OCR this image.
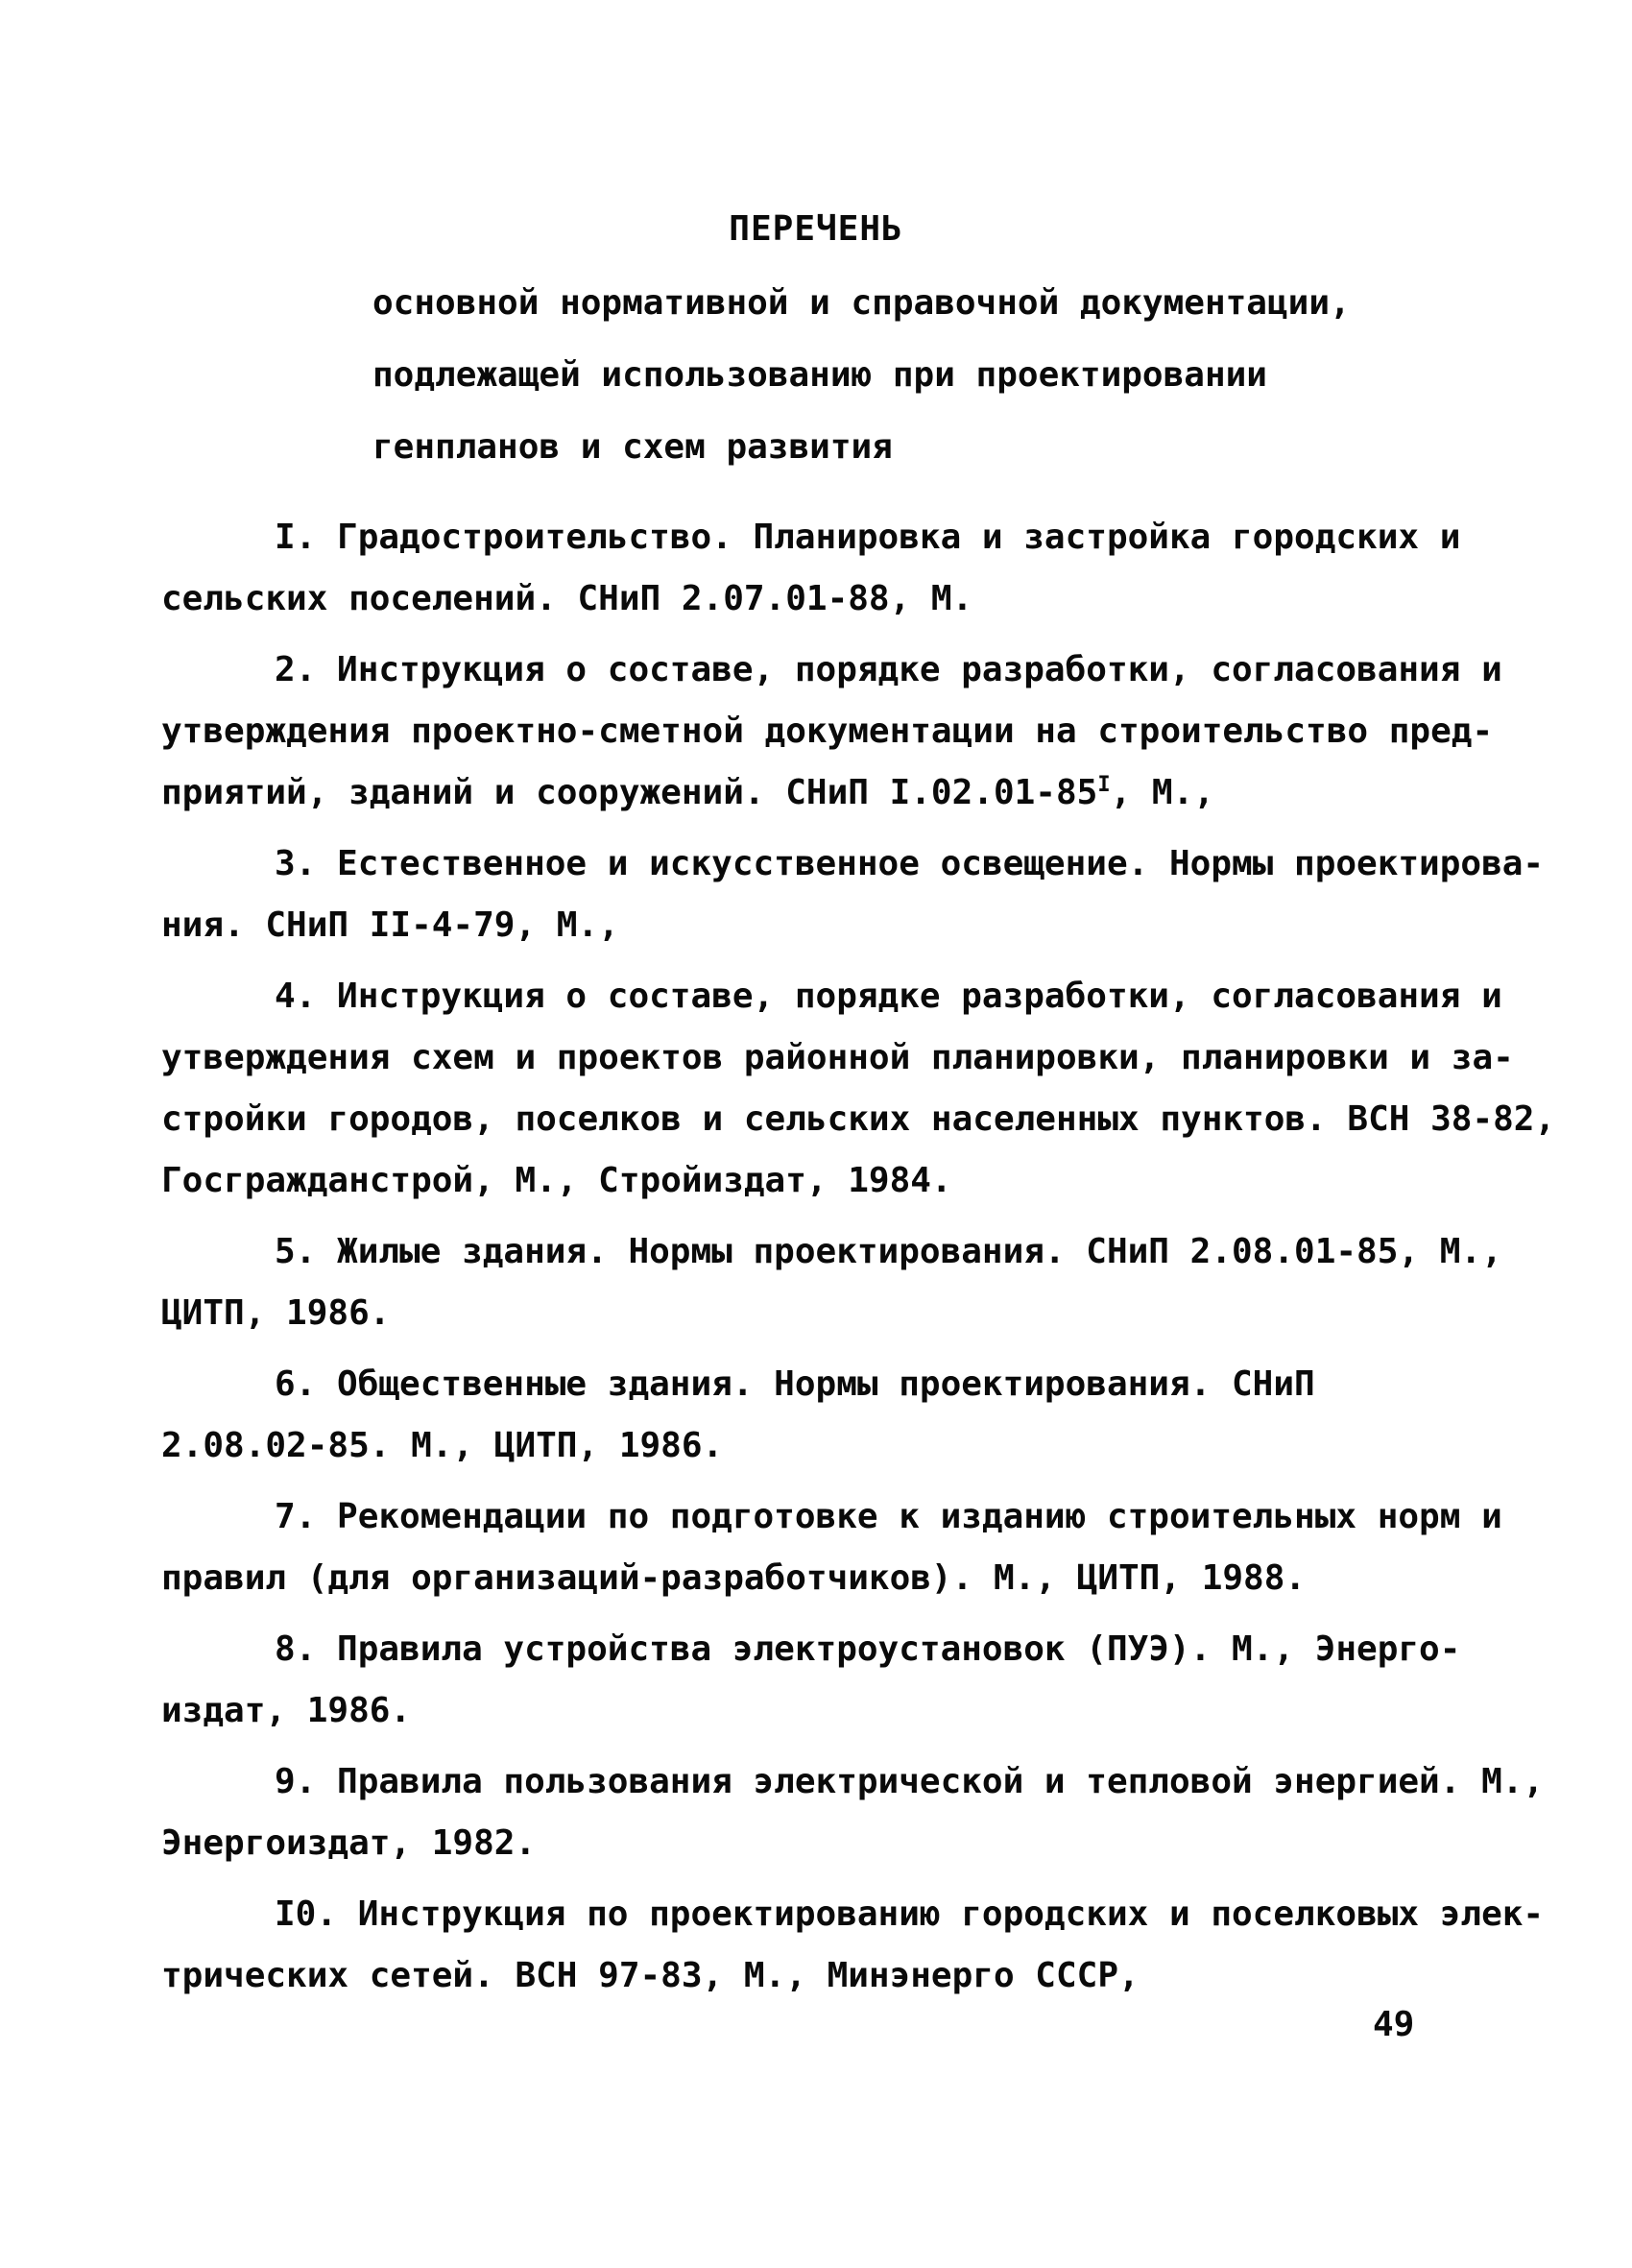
ПЕРЕЧЕНЬ
основной нормативной и справочной документации,
подлежащей использованию при проектировании
генпланов и схем развития
I. Градостроительство. Планировка и застройка городских и
сельских поселений. СНиП 2.07.01-88, М.
2. Инструкция о составе, порядке разработки, согласования и
утверждения проектно-сметной документации на строительство пред-
приятий, зданий и сооружений. СНиП $I.02.01-85^I$, М.,
3. Естественное и искусственное освещение. Нормы проектирова-
ния. СНиП II-4-79, М.,
4. Инструкция о составе, порядке разработки, согласования и
утверждения схем и проектов районной планировки, планировки и за-
стройки городов, поселков и сельских населенных пунктов. ВСН 38-82,
Госгражданстрой, М., Стройиздат, 1984.
5. Жилые здания. Нормы проектирования. СНиП 2.08.01-85, М.,
ЦИТП, 1986.
6. Общественные здания. Нормы проектирования. СНиП
2.08.02-85. М., ЦИТП, 1986.
7. Рекомендации по подготовке к изданию строительных норм и
правил (для организаций-разработчиков). М., ЦИТП, 1988.
8. Правила устройства электроустановок (ПУЭ). М., Энерго-
издат, 1986.
9. Правила пользования электрической и тепловой энергией. М.,
Энергоиздат, 1982.
I0. Инструкция по проектированию городских и поселковых элек-
трических сетей. ВСН 97-83, М., Минэнерго СССР,

49
